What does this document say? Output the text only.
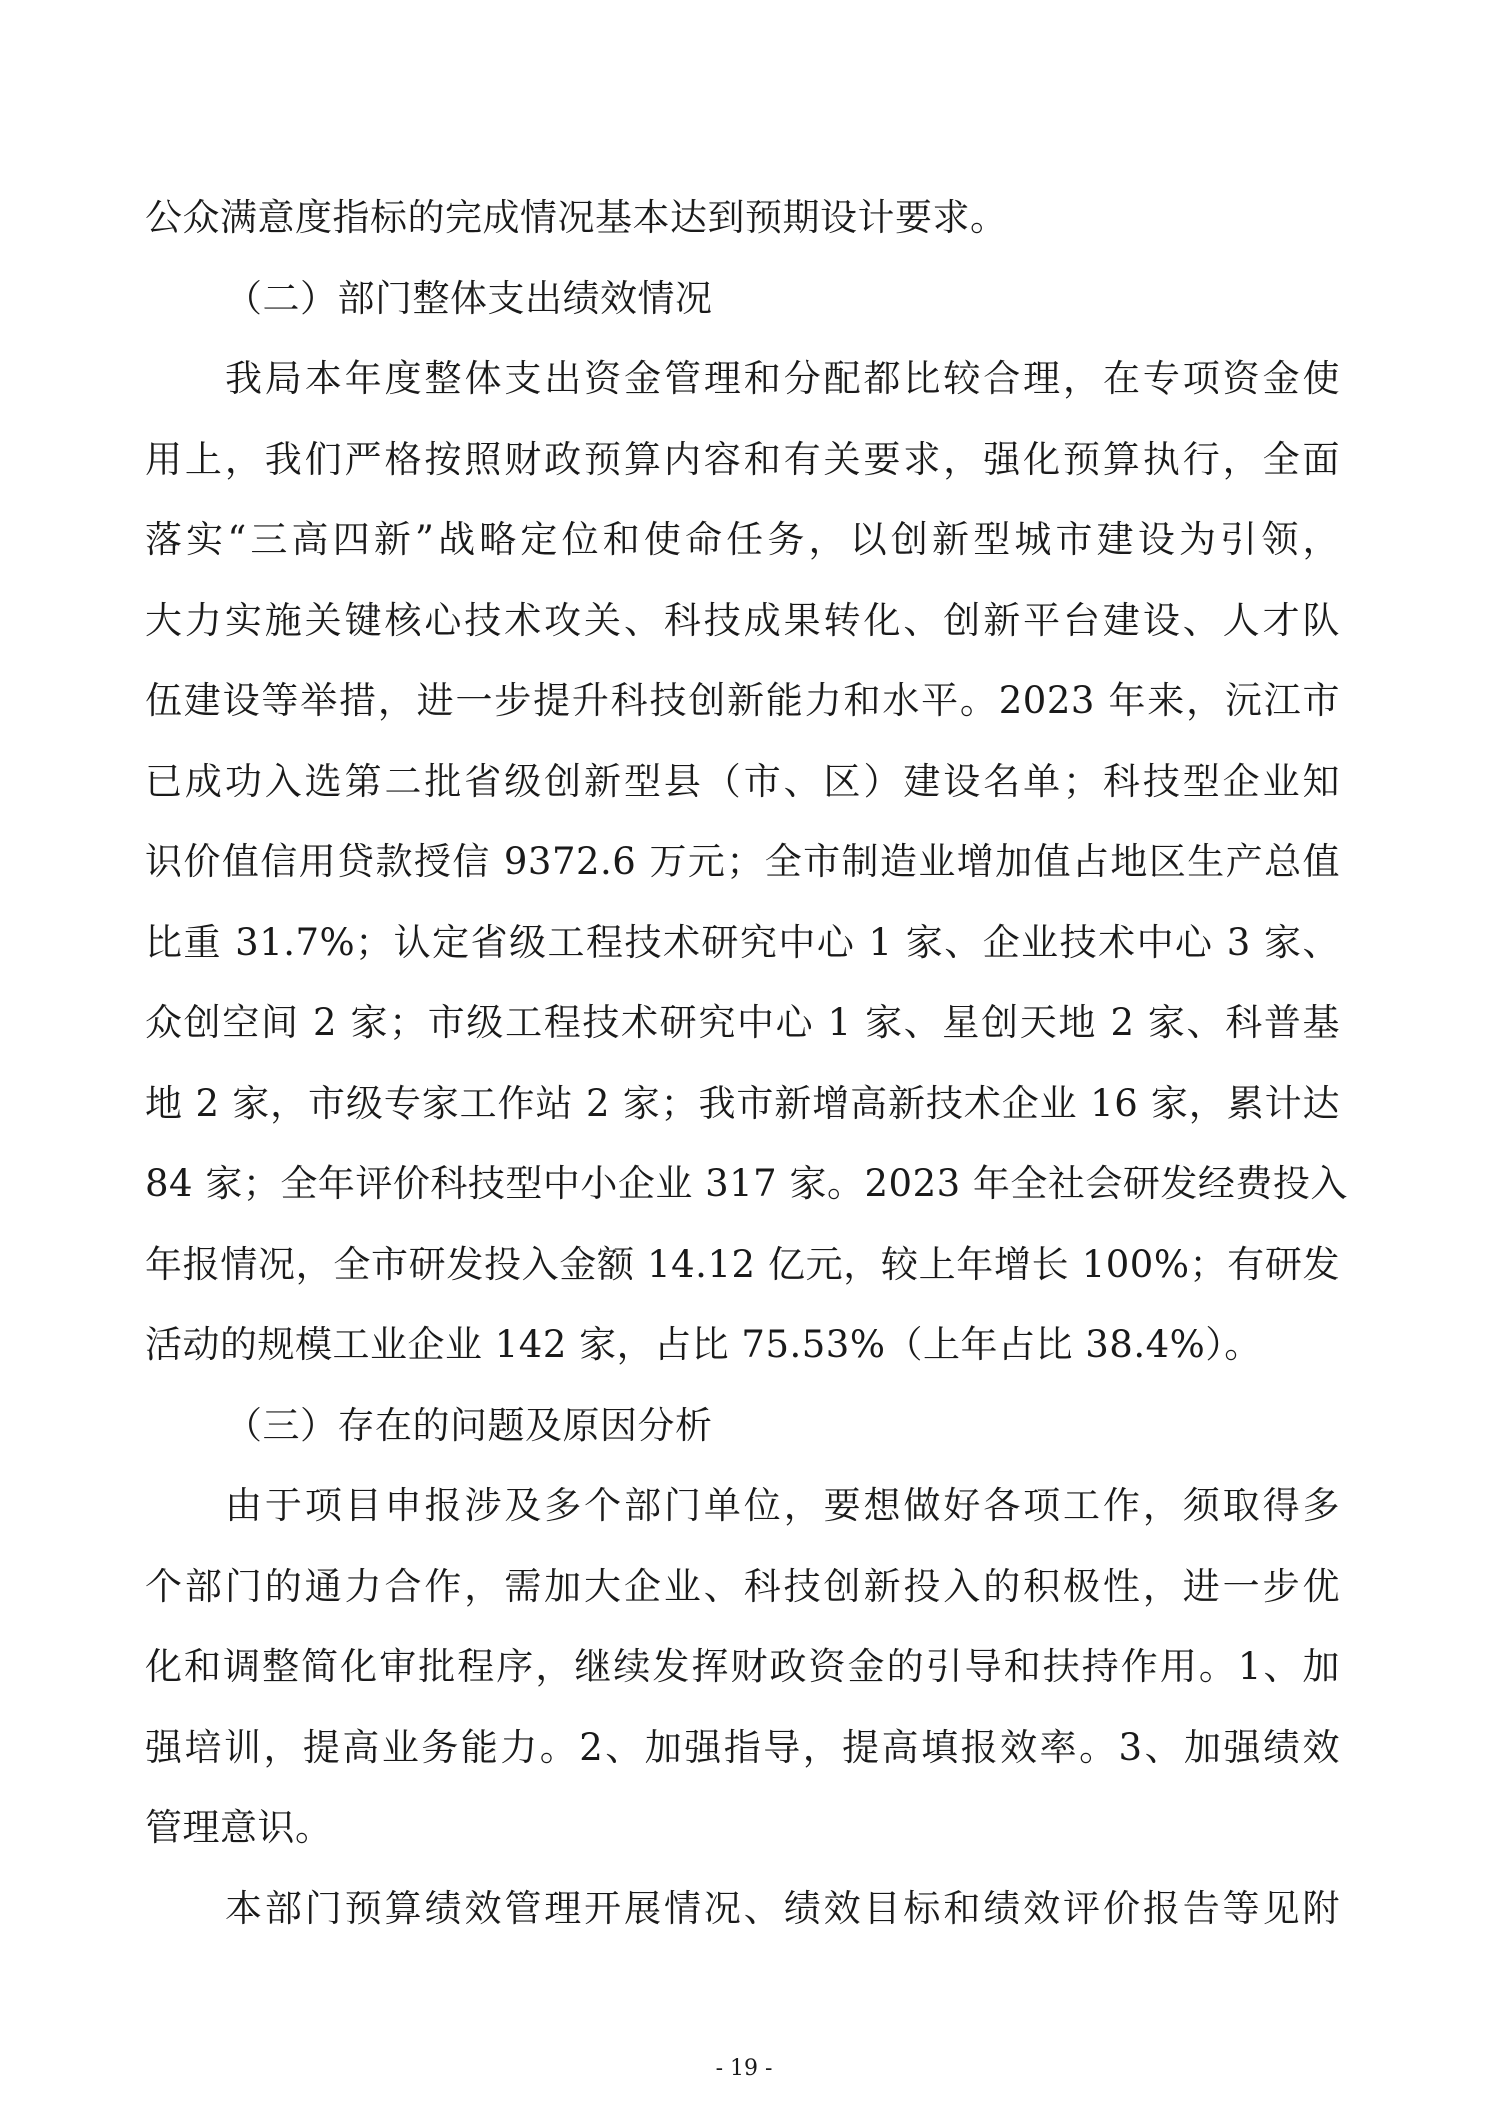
公众满意度指标的完成情况基本达到预期设计要求。
（二）部门整体支出绩效情况
我局本年度整体支出资金管理和分配都比较合理，在专项资金使
用上，我们严格按照财政预算内容和有关要求，强化预算执行，全面
落实“三高四新”战略定位和使命任务，以创新型城市建设为引领，
大力实施关键核心技术攻关、科技成果转化、创新平台建设、人才队
伍建设等举措，进一步提升科技创新能力和水平。2023 年来，沅江市
已成功入选第二批省级创新型县（市、区）建设名单；科技型企业知
识价值信用贷款授信 9372.6 万元；全市制造业增加值占地区生产总值
比重 31.7%；认定省级工程技术研究中心 1 家、企业技术中心 3 家、
众创空间 2 家；市级工程技术研究中心 1 家、星创天地 2 家、科普基
地 2 家，市级专家工作站 2 家；我市新增高新技术企业 16 家，累计达
84 家；全年评价科技型中小企业 317 家。2023 年全社会研发经费投入
年报情况，全市研发投入金额 14.12 亿元，较上年增长 100%；有研发
活动的规模工业企业 142 家，占比 75.53%（上年占比 38.4%）。
（三）存在的问题及原因分析
由于项目申报涉及多个部门单位，要想做好各项工作，须取得多
个部门的通力合作，需加大企业、科技创新投入的积极性，进一步优
化和调整简化审批程序，继续发挥财政资金的引导和扶持作用。1、加
强培训，提高业务能力。2、加强指导，提高填报效率。3、加强绩效
管理意识。
本部门预算绩效管理开展情况、绩效目标和绩效评价报告等见附
- 19 -
